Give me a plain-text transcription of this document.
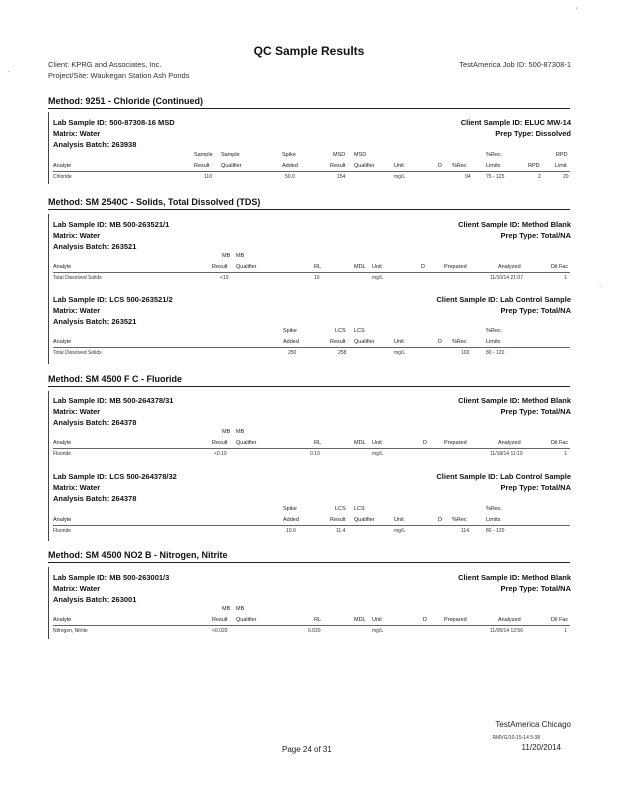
QC Sample Results
Client: KPRG and Associates, Inc.
Project/Site: Waukegan Station Ash Ponds
TestAmerica Job ID: 500-87308-1
Method: 9251 - Chloride (Continued)
Lab Sample ID: 500-87308-16 MSD	Client Sample ID: ELUC MW-14
Matrix: Water	Prep Type: Dissolved
Analysis Batch: 263938
Sample Sample	Spike	MSD MSD	%Rec.	RPD
Analyte	Result Qualifier	Added	Result Qualifier	Unit	D %Rec	Limits	RPD	Limit
Chloride	110	50.0	154	mg/L	94	75 - 125	2	20
Method: SM 2540C - Solids, Total Dissolved (TDS)
Lab Sample ID: MB 500-263521/1	Client Sample ID: Method Blank
Matrix: Water	Prep Type: Total/NA
Analysis Batch: 263521
MB MB
Analyte	Result Qualifier	RL	MDL Unit	D	Prepared	Analyzed	Dil Fac
Total Dissolved Solids	<10	10	mg/L	11/10/14 21:07	1
Lab Sample ID: LCS 500-263521/2	Client Sample ID: Lab Control Sample
Matrix: Water	Prep Type: Total/NA
Analysis Batch: 263521
Spike	LCS LCS	%Rec.
Analyte	Added	Result Qualifier	Unit	D %Rec	Limits
Total Dissolved Solids	250	258	mg/L	103	80 - 120
Method: SM 4500 F C - Fluoride
Lab Sample ID: MB 500-264378/31	Client Sample ID: Method Blank
Matrix: Water	Prep Type: Total/NA
Analysis Batch: 264378
MB MB
Analyte	Result Qualifier	RL	MDL Unit	D	Prepared	Analyzed	Dil Fac
Fluoride	<0.10	0.10	mg/L	11/18/14 11:10	1
Lab Sample ID: LCS 500-264378/32	Client Sample ID: Lab Control Sample
Matrix: Water	Prep Type: Total/NA
Analysis Batch: 264378
Spike	LCS LCS	%Rec.
Analyte	Added	Result Qualifier	Unit	D %Rec	Limits
Fluoride	10.0	11.4	mg/L	114	80 - 120
Method: SM 4500 NO2 B - Nitrogen, Nitrite
Lab Sample ID: MB 500-263001/3	Client Sample ID: Method Blank
Matrix: Water	Prep Type: Total/NA
Analysis Batch: 263001
MB MB
Analyte	Result Qualifier	RL	MDL Unit	D	Prepared	Analyzed	Dil Fac
Nitrogen, Nitrite	<0.020	0.020	mg/L	11/05/14 12:56	1
'
.
·:·
TestAmerica Chicago
RMVG/10-15-14 5:38
Page 24 of 31	11/20/2014
